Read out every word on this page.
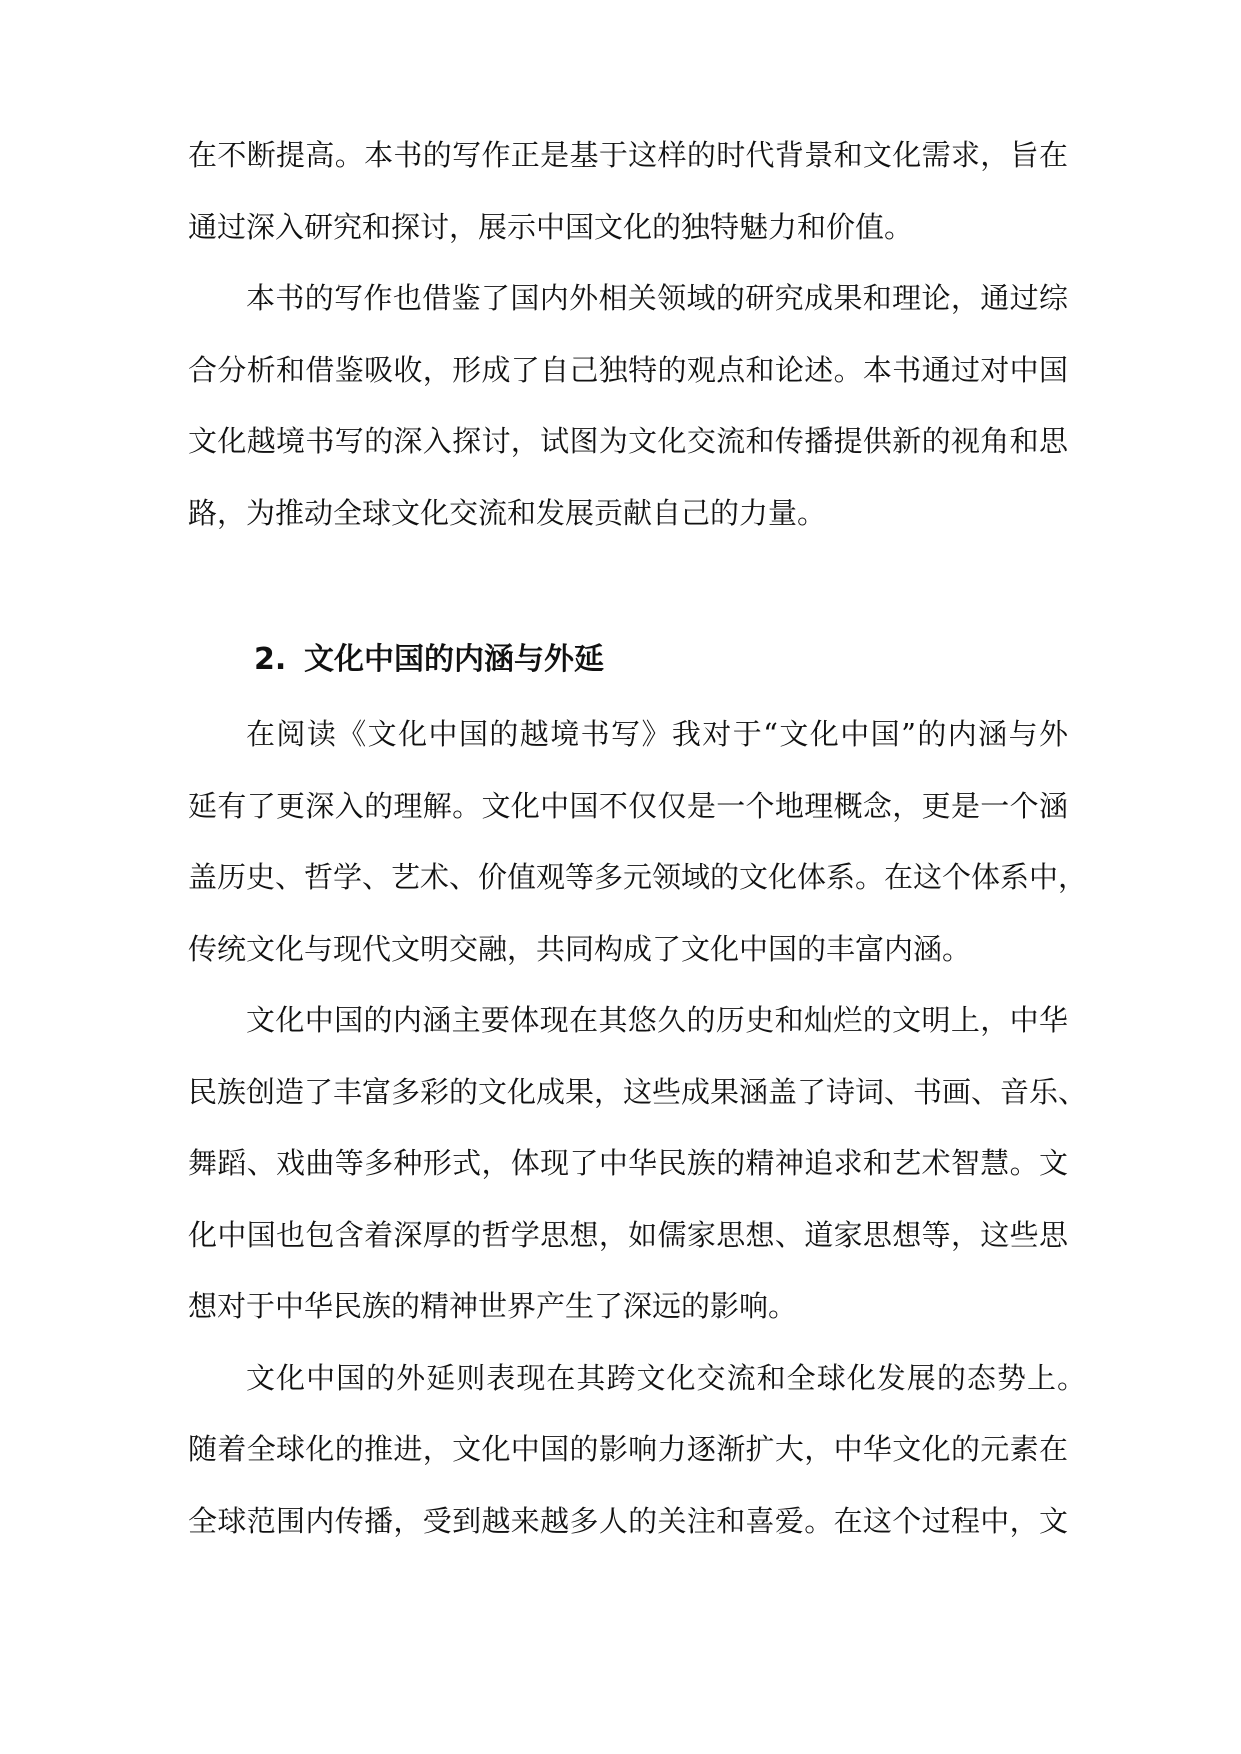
在不断提高。本书的写作正是基于这样的时代背景和文化需求，旨在
通过深入研究和探讨，展示中国文化的独特魅力和价值。
本书的写作也借鉴了国内外相关领域的研究成果和理论，通过综
合分析和借鉴吸收，形成了自己独特的观点和论述。本书通过对中国
文化越境书写的深入探讨，试图为文化交流和传播提供新的视角和思
路，为推动全球文化交流和发展贡献自己的力量。
2. 文化中国的内涵与外延
在阅读《文化中国的越境书写》我对于“文化中国”的内涵与外
延有了更深入的理解。文化中国不仅仅是一个地理概念，更是一个涵
盖历史、哲学、艺术、价值观等多元领域的文化体系。在这个体系中，
传统文化与现代文明交融，共同构成了文化中国的丰富内涵。
文化中国的内涵主要体现在其悠久的历史和灿烂的文明上，中华
民族创造了丰富多彩的文化成果，这些成果涵盖了诗词、书画、音乐、
舞蹈、戏曲等多种形式，体现了中华民族的精神追求和艺术智慧。文
化中国也包含着深厚的哲学思想，如儒家思想、道家思想等，这些思
想对于中华民族的精神世界产生了深远的影响。
文化中国的外延则表现在其跨文化交流和全球化发展的态势上。
随着全球化的推进，文化中国的影响力逐渐扩大，中华文化的元素在
全球范围内传播，受到越来越多人的关注和喜爱。在这个过程中，文
